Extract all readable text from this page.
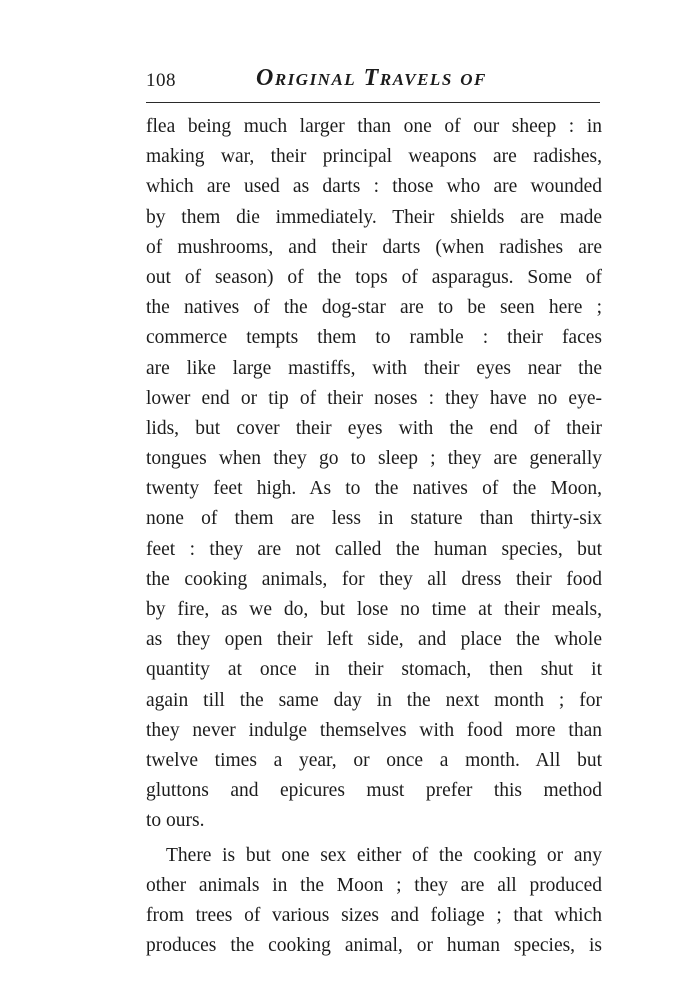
108	Original Travels of
flea being much larger than one of our sheep : in
making war, their principal weapons are radishes,
which are used as darts : those who are wounded
by them die immediately. Their shields are made
of mushrooms, and their darts (when radishes are
out of season) of the tops of asparagus. Some of
the natives of the dog-star are to be seen here ;
commerce tempts them to ramble : their faces
are like large mastiffs, with their eyes near the
lower end or tip of their noses : they have no eye-
lids, but cover their eyes with the end of their
tongues when they go to sleep ; they are generally
twenty feet high. As to the natives of the Moon,
none of them are less in stature than thirty-six
feet : they are not called the human species, but
the cooking animals, for they all dress their food
by fire, as we do, but lose no time at their meals,
as they open their left side, and place the whole
quantity at once in their stomach, then shut it
again till the same day in the next month ; for
they never indulge themselves with food more than
twelve times a year, or once a month. All but
gluttons and epicures must prefer this method
to ours.
There is but one sex either of the cooking or any
other animals in the Moon ; they are all produced
from trees of various sizes and foliage ; that which
produces the cooking animal, or human species, is
